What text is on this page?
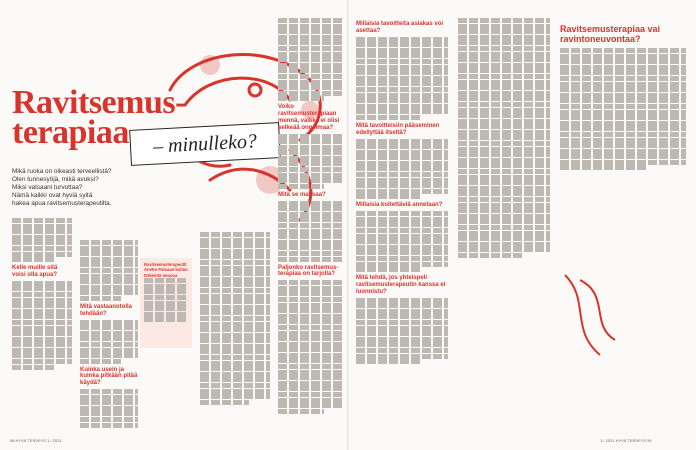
Ravitsemus-
terapiaa	– minulleko?
Mikä ruoka on oikeasti terveellistä?
Olen tunnesyöjä, mikä avuksi?
Miksi vatsaani turvottaa?
Nämä kaikki ovat hyviä syitä
hakea apua ravitsemusterapeutilta.
Kelle muille sitä voisi olla apua?
Mitä vastaanotolla tehdään?
Kuinka usein ja kuinka pitkään pitää käydä?
Ravitsemusterapeutti Anette Paloaan kolme tärkeintä neuvoa
Voiko ravitsemusterapiaan mennä, vaikka ei olisi selkeää ongelmaa?
Mitä se maksaa?
Paljonko ravitsemus-terapiaa on tarjolla?
Millaisia tavoitteita asiakas voi asettaa?
Mitä tavoitteisiin pääseminen edellyttää itseltä?
Millaisia koitettäviä annetaan?
Mitä tehdä, jos yhteispeli ravitsemusterapeutin kanssa ei luonnistu?
Ravitsemusterapiaa vai ravintoneuvontaa?
58 HYVÄ TERVEYS 1 / 2021	1 / 2021 HYVÄ TERVEYS 59
